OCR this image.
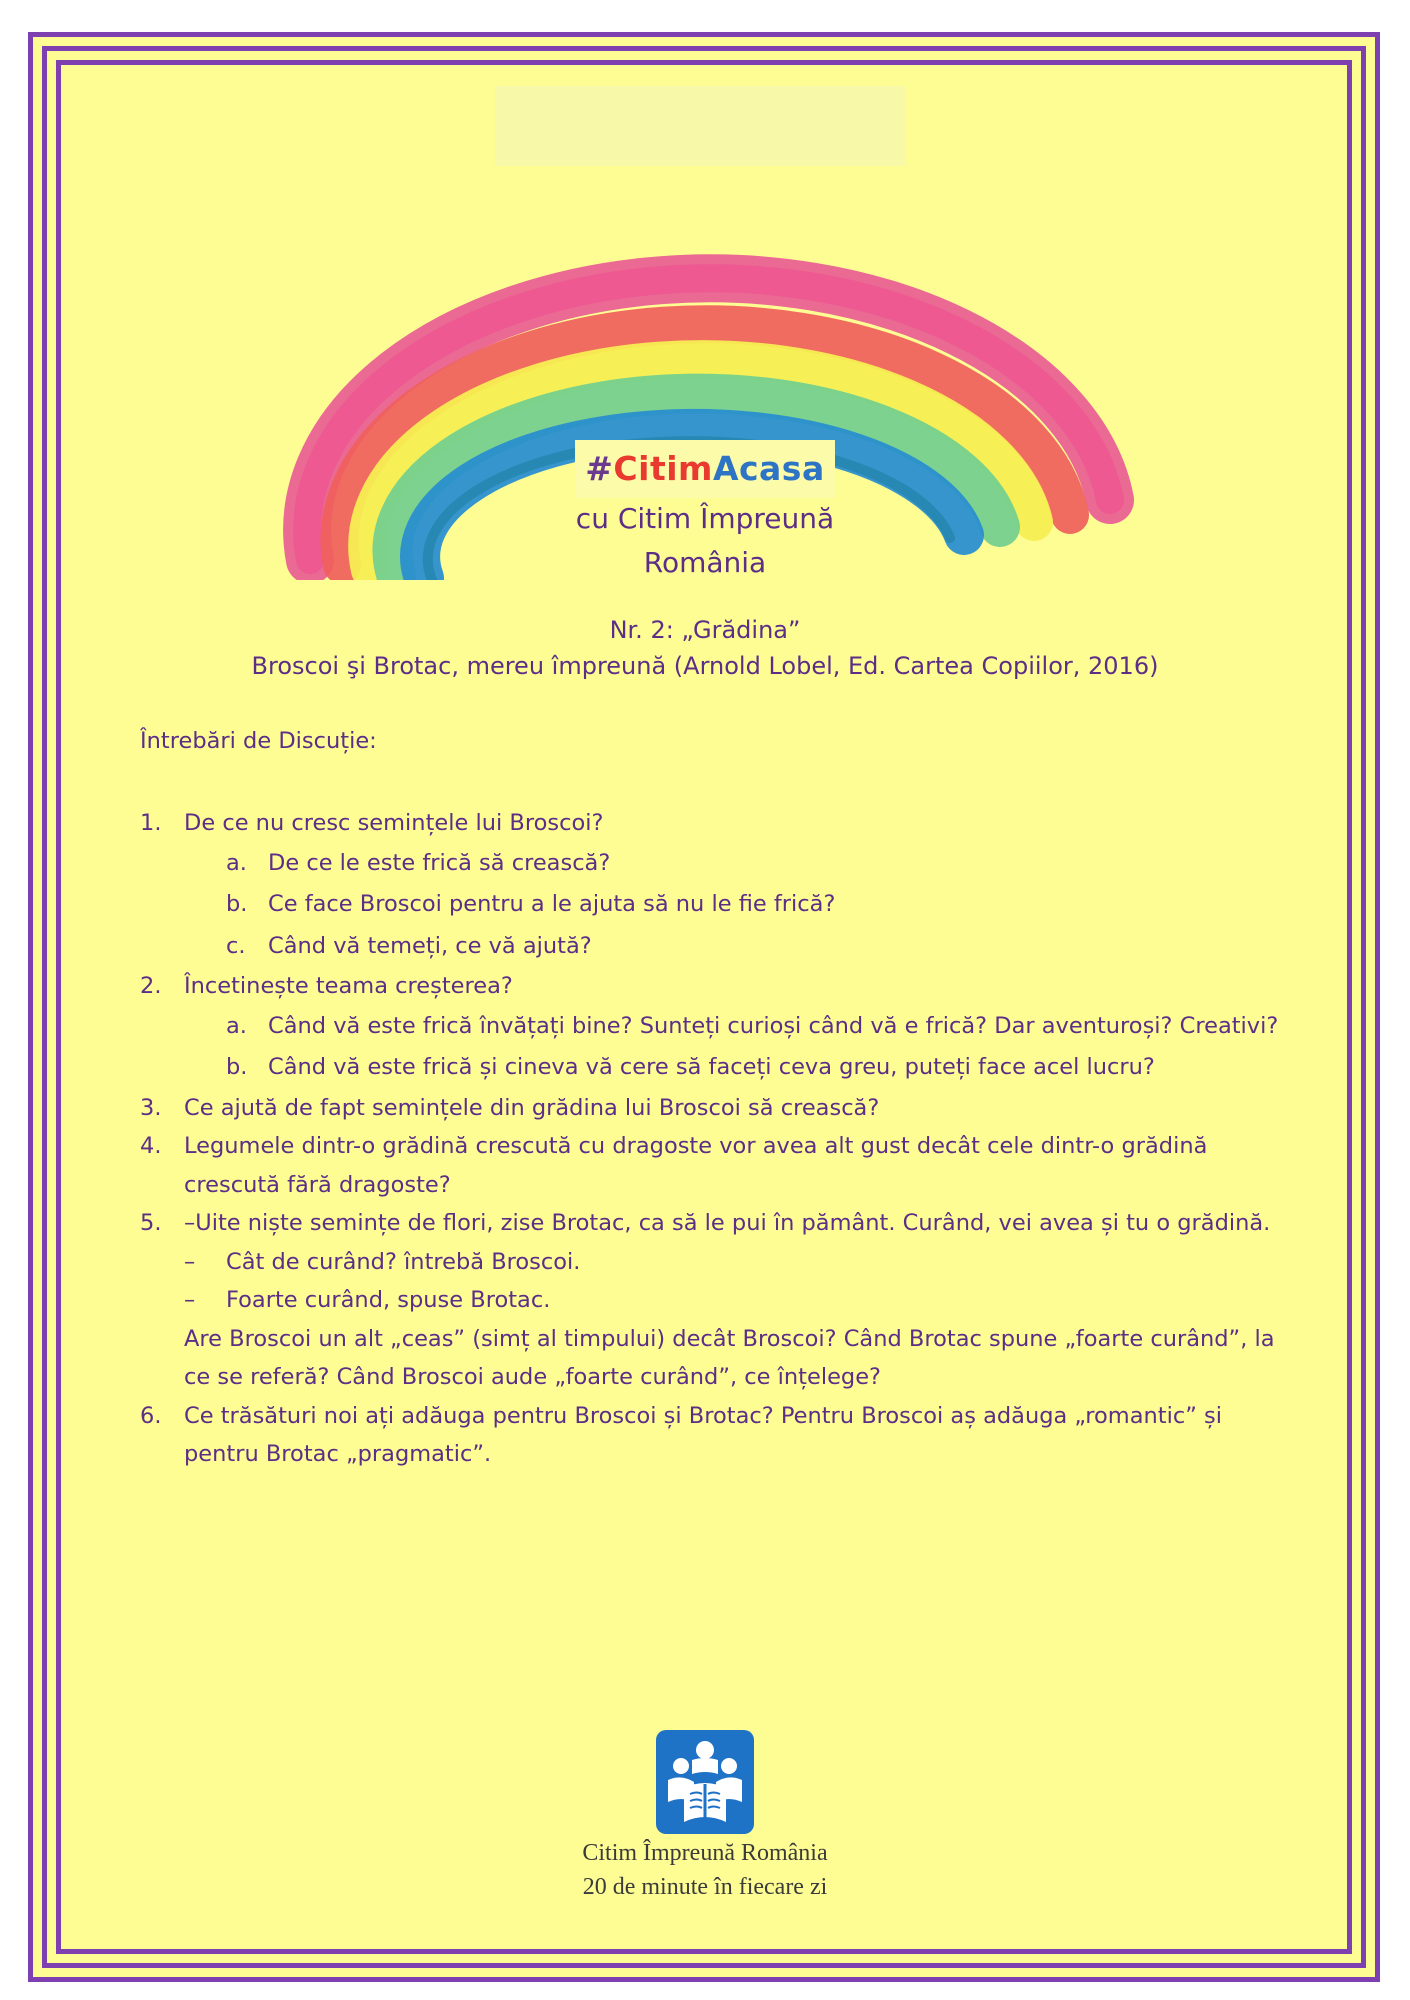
#CitimAcasa
cu Citim Împreună
România
Nr. 2: „Grădina”
Broscoi şi Brotac, mereu împreună (Arnold Lobel, Ed. Cartea Copiilor, 2016)
Întrebări de Discuție:
1. De ce nu cresc semințele lui Broscoi?
a. De ce le este frică să crească?
b. Ce face Broscoi pentru a le ajuta să nu le fie frică?
c. Când vă temeți, ce vă ajută?
2. Încetinește teama creșterea?
a. Când vă este frică învățați bine? Sunteți curioși când vă e frică? Dar aventuroși? Creativi?
b. Când vă este frică și cineva vă cere să faceți ceva greu, puteți face acel lucru?
3. Ce ajută de fapt semințele din grădina lui Broscoi să crească?
4. Legumele dintr-o grădină crescută cu dragoste vor avea alt gust decât cele dintr-o grădină crescută fără dragoste?
5. –Uite niște semințe de flori, zise Brotac, ca să le pui în pământ. Curând, vei avea și tu o grădină.
– Cât de curând? întrebă Broscoi.
– Foarte curând, spuse Brotac.
Are Broscoi un alt „ceas” (simț al timpului) decât Broscoi? Când Brotac spune „foarte curând”, la ce se referă? Când Broscoi aude „foarte curând”, ce înțelege?
6. Ce trăsături noi ați adăuga pentru Broscoi și Brotac? Pentru Broscoi aș adăuga „romantic” și pentru Brotac „pragmatic”.
Citim Împreună România
20 de minute în fiecare zi
